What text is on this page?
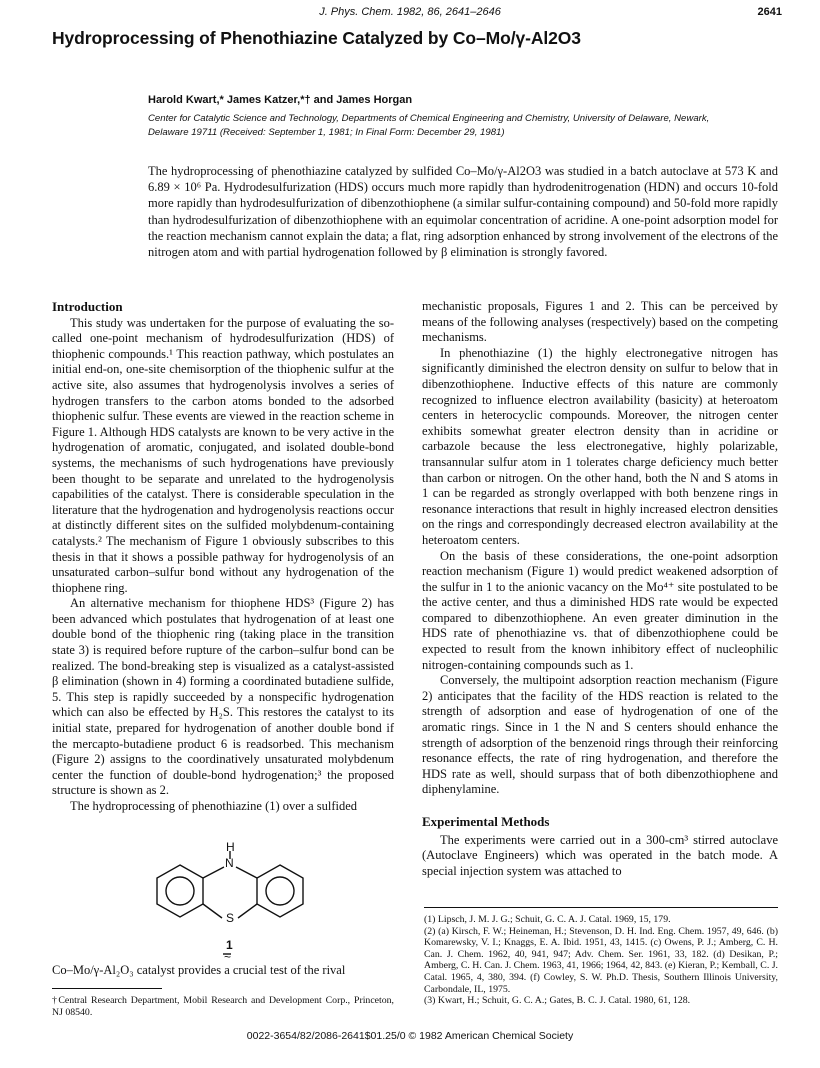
J. Phys. Chem. 1982, 86, 2641–2646	2641
Hydroprocessing of Phenothiazine Catalyzed by Co–Mo/γ-Al2O3
Harold Kwart,* James Katzer,*† and James Horgan
Center for Catalytic Science and Technology, Departments of Chemical Engineering and Chemistry, University of Delaware, Newark, Delaware 19711 (Received: September 1, 1981; In Final Form: December 29, 1981)
The hydroprocessing of phenothiazine catalyzed by sulfided Co–Mo/γ-Al2O3 was studied in a batch autoclave at 573 K and 6.89 × 10⁶ Pa. Hydrodesulfurization (HDS) occurs much more rapidly than hydrodenitrogenation (HDN) and occurs 10-fold more rapidly than hydrodesulfurization of dibenzothiophene (a similar sulfur-containing compound) and 50-fold more rapidly than hydrodesulfurization of dibenzothiophene with an equimolar concentration of acridine. A one-point adsorption model for the reaction mechanism cannot explain the data; a flat, ring adsorption enhanced by strong involvement of the electrons of the nitrogen atom and with partial hydrogenation followed by β elimination is strongly favored.
Introduction

This study was undertaken for the purpose of evaluating the so-called one-point mechanism of hydrodesulfurization (HDS) of thiophenic compounds.¹ This reaction pathway, which postulates an initial end-on, one-site chemisorption of the thiophenic sulfur at the active site, also assumes that hydrogenolysis involves a series of hydrogen transfers to the carbon atoms bonded to the adsorbed thiophenic sulfur. These events are viewed in the reaction scheme in Figure 1. Although HDS catalysts are known to be very active in the hydrogenation of aromatic, conjugated, and isolated double-bond systems, the mechanisms of such hydrogenations have previously been thought to be separate and unrelated to the hydrogenolysis capabilities of the catalyst. There is considerable speculation in the literature that the hydrogenation and hydrogenolysis reactions occur at distinctly different sites on the sulfided molybdenum-containing catalysts.² The mechanism of Figure 1 obviously subscribes to this thesis in that it shows a possible pathway for hydrogenolysis of an unsaturated carbon–sulfur bond without any hydrogenation of the thiophene ring.

An alternative mechanism for thiophene HDS³ (Figure 2) has been advanced which postulates that hydrogenation of at least one double bond of the thiophenic ring (taking place in the transition state 3) is required before rupture of the carbon–sulfur bond can be realized. The bond-breaking step is visualized as a catalyst-assisted β elimination (shown in 4) forming a coordinated butadiene sulfide, 5. This step is rapidly succeeded by a nonspecific hydrogenation which can also be effected by H₂S. This restores the catalyst to its initial state, prepared for hydrogenation of another double bond if the mercapto-butadiene product 6 is readsorbed. This mechanism (Figure 2) assigns to the coordinatively unsaturated molybdenum center the function of double-bond hydrogenation;³ the proposed structure is shown as 2.

The hydroprocessing of phenothiazine (1) over a sulfided

H
N
S
1
~
Co–Mo/γ-Al₂O₃ catalyst provides a crucial test of the rival

†Central Research Department, Mobil Research and Development Corp., Princeton, NJ 08540.

mechanistic proposals, Figures 1 and 2. This can be perceived by means of the following analyses (respectively) based on the competing mechanisms.

In phenothiazine (1) the highly electronegative nitrogen has significantly diminished the electron density on sulfur to below that in dibenzothiophene. Inductive effects of this nature are commonly recognized to influence electron availability (basicity) at heteroatom centers in heterocyclic compounds. Moreover, the nitrogen center exhibits somewhat greater electron density than in acridine or carbazole because the less electronegative, highly polarizable, transannular sulfur atom in 1 tolerates charge deficiency much better than carbon or nitrogen. On the other hand, both the N and S atoms in 1 can be regarded as strongly overlapped with both benzene rings in resonance interactions that result in highly increased electron densities on the rings and correspondingly decreased electron availability at the heteroatom centers.

On the basis of these considerations, the one-point adsorption reaction mechanism (Figure 1) would predict weakened adsorption of the sulfur in 1 to the anionic vacancy on the Mo⁴⁺ site postulated to be the active center, and thus a diminished HDS rate would be expected compared to dibenzothiophene. An even greater diminution in the HDS rate of phenothiazine vs. that of dibenzothiophene could be expected to result from the known inhibitory effect of nucleophilic nitrogen-containing compounds such as 1.

Conversely, the multipoint adsorption reaction mechanism (Figure 2) anticipates that the facility of the HDS reaction is related to the strength of adsorption and ease of hydrogenation of one of the aromatic rings. Since in 1 the N and S centers should enhance the strength of adsorption of the benzenoid rings through their reinforcing resonance effects, the rate of ring hydrogenation, and therefore the HDS rate as well, should surpass that of both dibenzothiophene and diphenylamine.

Experimental Methods

The experiments were carried out in a 300-cm³ stirred autoclave (Autoclave Engineers) which was operated in the batch mode. A special injection system was attached to

(1) Lipsch, J. M. J. G.; Schuit, G. C. A. J. Catal. 1969, 15, 179.

(2) (a) Kirsch, F. W.; Heineman, H.; Stevenson, D. H. Ind. Eng. Chem. 1957, 49, 646. (b) Komarewsky, V. I.; Knaggs, E. A. Ibid. 1951, 43, 1415. (c) Owens, P. J.; Amberg, C. H. Can. J. Chem. 1962, 40, 941, 947; Adv. Chem. Ser. 1961, 33, 182. (d) Desikan, P.; Amberg, C. H. Can. J. Chem. 1963, 41, 1966; 1964, 42, 843. (e) Kieran, P.; Kemball, C. J. Catal. 1965, 4, 380, 394. (f) Cowley, S. W. Ph.D. Thesis, Southern Illinois University, Carbondale, IL, 1975.

(3) Kwart, H.; Schuit, G. C. A.; Gates, B. C. J. Catal. 1980, 61, 128.

0022-3654/82/2086-2641$01.25/0 © 1982 American Chemical Society
